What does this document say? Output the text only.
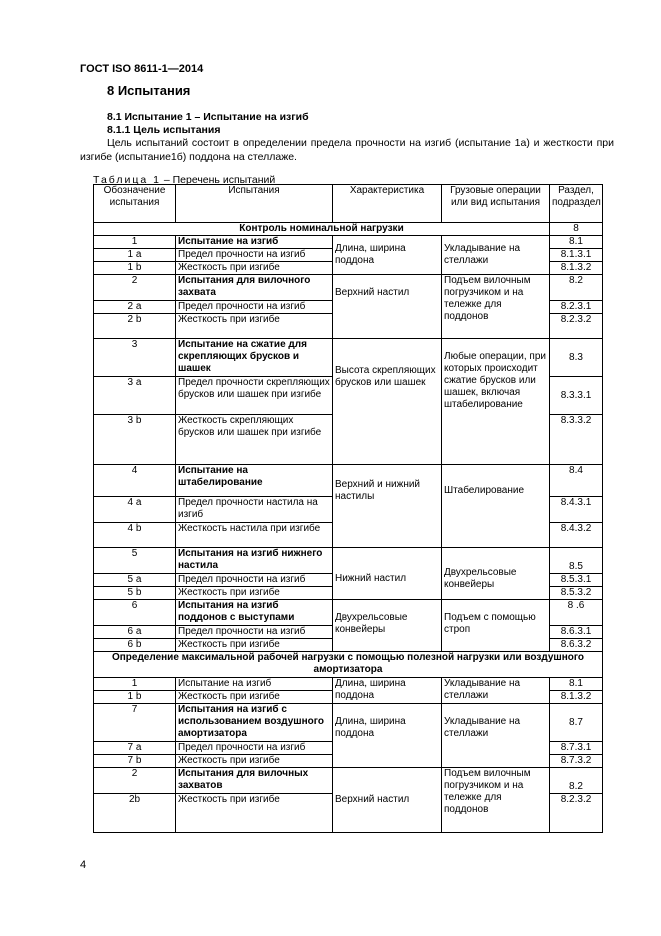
ГОСТ ISO 8611-1—2014
8 Испытания
8.1 Испытание 1 – Испытание на изгиб
8.1.1 Цель испытания

Цель испытаний состоит в определении предела прочности на изгиб (испытание 1а) и жесткости при изгибе (испытание1б) поддона на стеллаже.

Таблица 1 – Перечень испытаний
Обозначение испытания	Испытания	Характеристика	Грузовые операции или вид испытания	Раздел, подраздел
Контроль номинальной нагрузки				8
1	Испытание на изгиб	Длина, ширина поддона	Укладывание на стеллажи	8.1
1 a	Предел прочности на изгиб			8.1.3.1
1 b	Жесткость при изгибе			8.1.3.2
2	Испытания для вилочного захвата	Верхний настил	Подъем вилочным погрузчиком и на тележке для поддонов	8.2
2 a	Предел прочности на изгиб			8.2.3.1
2 b	Жесткость при изгибе			8.2.3.2
3	Испытание на сжатие для скрепляющих брусков и шашек	Высота скрепляющих брусков или шашек	Любые операции, при которых происходит сжатие брусков или шашек, включая штабелирование	8.3
3 a	Предел прочности скрепляющих брусков или шашек при изгибе			8.3.3.1
3 b	Жесткость скрепляющих брусков или шашек при изгибе			8.3.3.2
4	Испытание на штабелирование	Верхний и нижний настилы	Штабелирование	8.4
4 a	Предел прочности настила на изгиб			8.4.3.1
4 b	Жесткость настила при изгибе			8.4.3.2
5	Испытания на изгиб нижнего настила	Нижний настил	Двухрельсовые конвейеры	8.5
5 a	Предел прочности на изгиб			8.5.3.1
5 b	Жесткость при изгибе			8.5.3.2
6	Испытания на изгиб поддонов с выступами	Двухрельсовые конвейеры	Подъем с помощью строп	8 .6
6 a	Предел прочности на изгиб			8.6.3.1
6 b	Жесткость при изгибе			8.6.3.2
Определение максимальной рабочей нагрузки с помощью полезной нагрузки или воздушного амортизатора				
1	Испытание на изгиб	Длина, ширина поддона	Укладывание на стеллажи	8.1
1 b	Жесткость при изгибе			8.1.3.2
7	Испытания на изгиб с использованием воздушного амортизатора	Длина, ширина поддона	Укладывание на стеллажи	8.7
7 a	Предел прочности на изгиб			8.7.3.1
7 b	Жесткость при изгибе			8.7.3.2
2	Испытания для вилочных захватов	Верхний настил	Подъем вилочным погрузчиком и на тележке для поддонов	8.2
2b	Жесткость при изгибе			8.2.3.2
4
